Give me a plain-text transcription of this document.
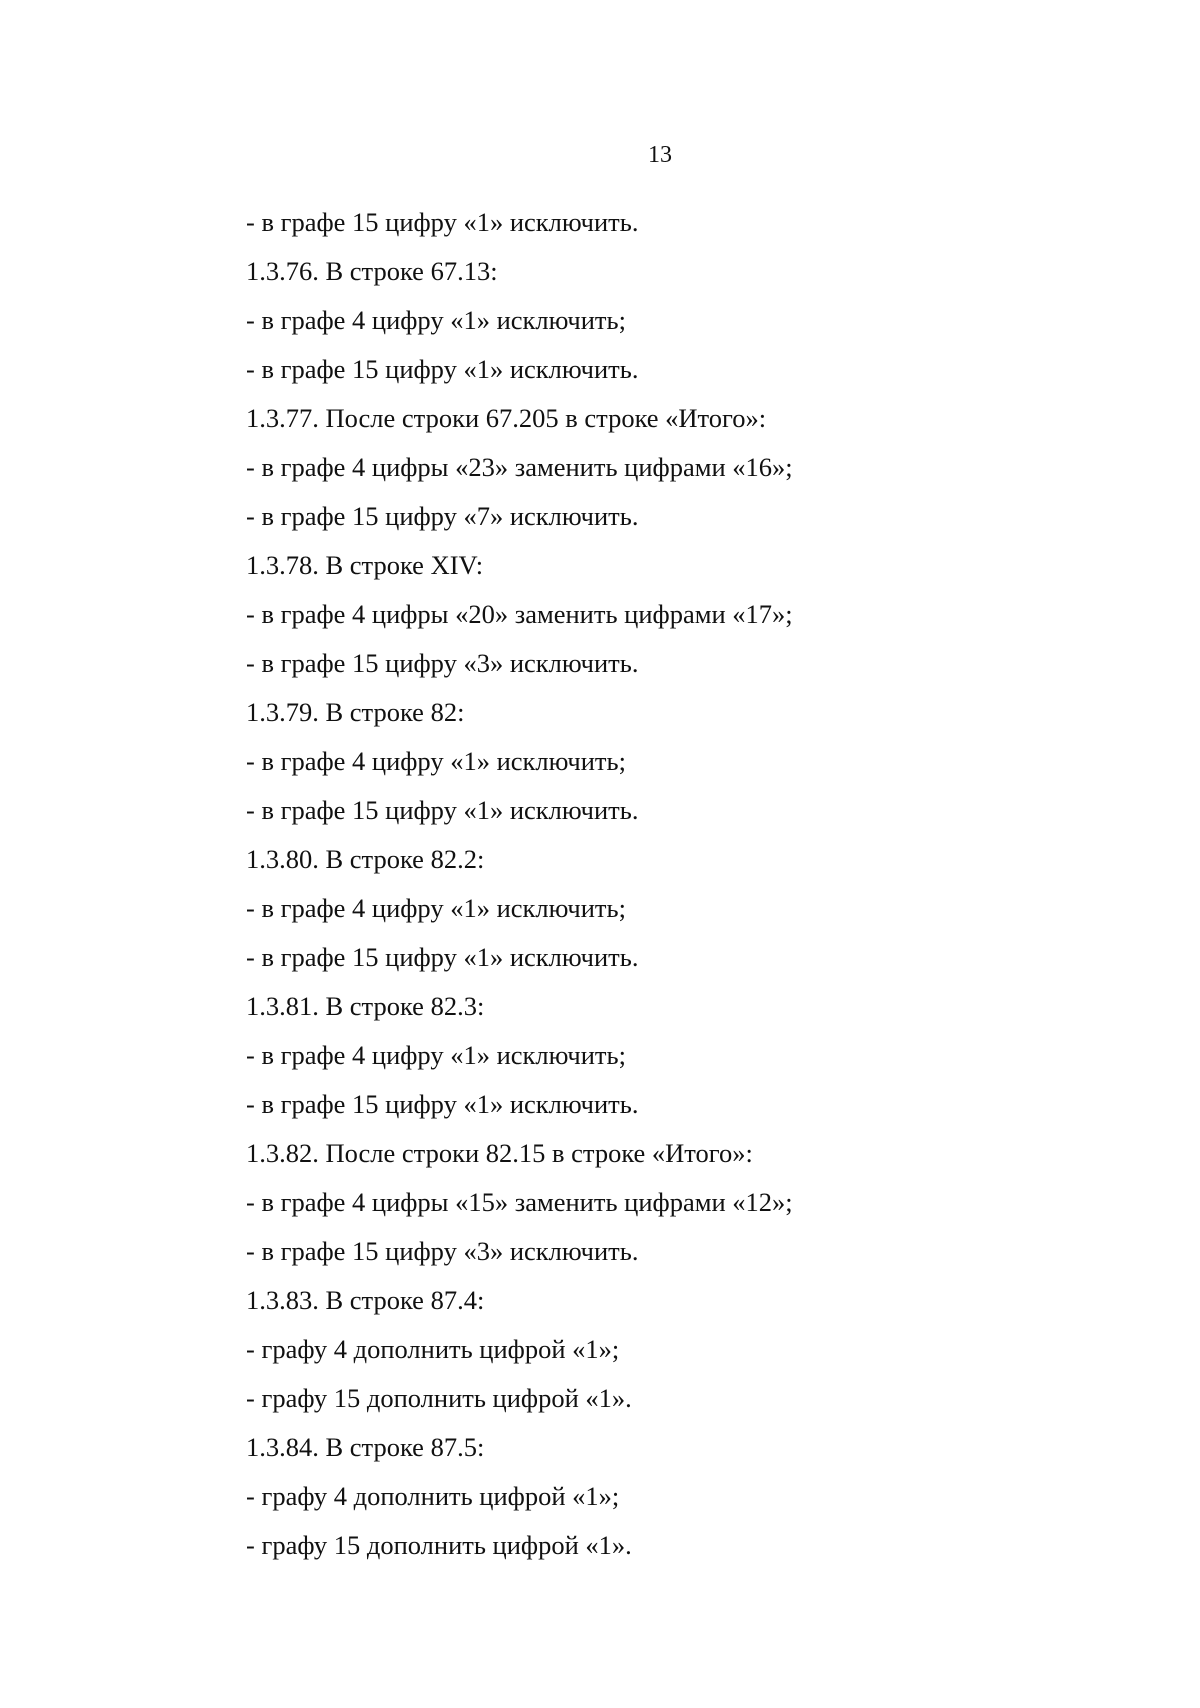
13
- в графе 15 цифру «1» исключить.
1.3.76. В строке 67.13:
- в графе 4 цифру «1» исключить;
- в графе 15 цифру «1» исключить.
1.3.77. После строки 67.205 в строке «Итого»:
- в графе 4 цифры «23» заменить цифрами «16»;
- в графе 15 цифру «7» исключить.
1.3.78. В строке XIV:
- в графе 4 цифры «20» заменить цифрами «17»;
- в графе 15 цифру «3» исключить.
1.3.79. В строке 82:
- в графе 4 цифру «1» исключить;
- в графе 15 цифру «1» исключить.
1.3.80. В строке 82.2:
- в графе 4 цифру «1» исключить;
- в графе 15 цифру «1» исключить.
1.3.81. В строке 82.3:
- в графе 4 цифру «1» исключить;
- в графе 15 цифру «1» исключить.
1.3.82. После строки 82.15 в строке «Итого»:
- в графе 4 цифры «15» заменить цифрами «12»;
- в графе 15 цифру «3» исключить.
1.3.83. В строке 87.4:
- графу 4 дополнить цифрой «1»;
- графу 15 дополнить цифрой «1».
1.3.84. В строке 87.5:
- графу 4 дополнить цифрой «1»;
- графу 15 дополнить цифрой «1».
